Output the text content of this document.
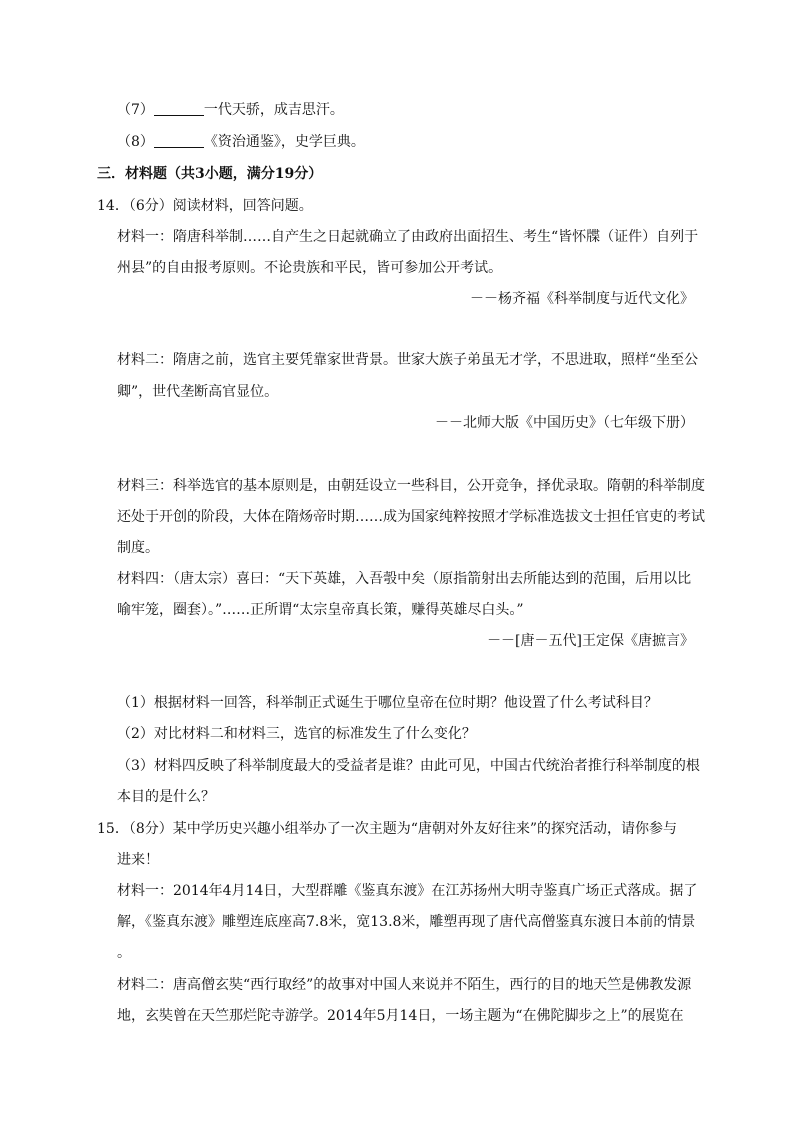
（7）	一代天骄，成吉思汗。
（8）	《资治通鉴》，史学巨典。
三．材料题（共3小题，满分19分）
14．（6分）阅读材料，回答问题。
材料一：隋唐科举制……自产生之日起就确立了由政府出面招生、考生“皆怀牒（证件）自列于
州县”的自由报考原则。不论贵族和平民，皆可参加公开考试。
－－杨齐福《科举制度与近代文化》
材料二：隋唐之前，选官主要凭靠家世背景。世家大族子弟虽无才学，不思进取，照样“坐至公
卿”，世代垄断高官显位。
－－北师大版《中国历史》（七年级下册）
材料三：科举选官的基本原则是，由朝廷设立一些科目，公开竞争，择优录取。隋朝的科举制度
还处于开创的阶段，大体在隋炀帝时期……成为国家纯粹按照才学标准选拔文士担任官吏的考试
制度。
材料四：（唐太宗）喜曰：“天下英雄，入吾彀中矣（原指箭射出去所能达到的范围，后用以比
喻牢笼，圈套）。”……正所谓“太宗皇帝真长策，赚得英雄尽白头。”
－－[唐－五代]王定保《唐摭言》
（1）根据材料一回答，科举制正式诞生于哪位皇帝在位时期？他设置了什么考试科目？
（2）对比材料二和材料三，选官的标准发生了什么变化？
（3）材料四反映了科举制度最大的受益者是谁？由此可见，中国古代统治者推行科举制度的根
本目的是什么？
15．（8分）某中学历史兴趣小组举办了一次主题为“唐朝对外友好往来”的探究活动，请你参与
进来！
材料一：2014年4月14日，大型群雕《鉴真东渡》在江苏扬州大明寺鉴真广场正式落成。据了
解，《鉴真东渡》雕塑连底座高7.8米，宽13.8米，雕塑再现了唐代高僧鉴真东渡日本前的情景
。
材料二：唐高僧玄奘“西行取经”的故事对中国人来说并不陌生，西行的目的地天竺是佛教发源
地，玄奘曾在天竺那烂陀寺游学。2014年5月14日，一场主题为“在佛陀脚步之上”的展览在
